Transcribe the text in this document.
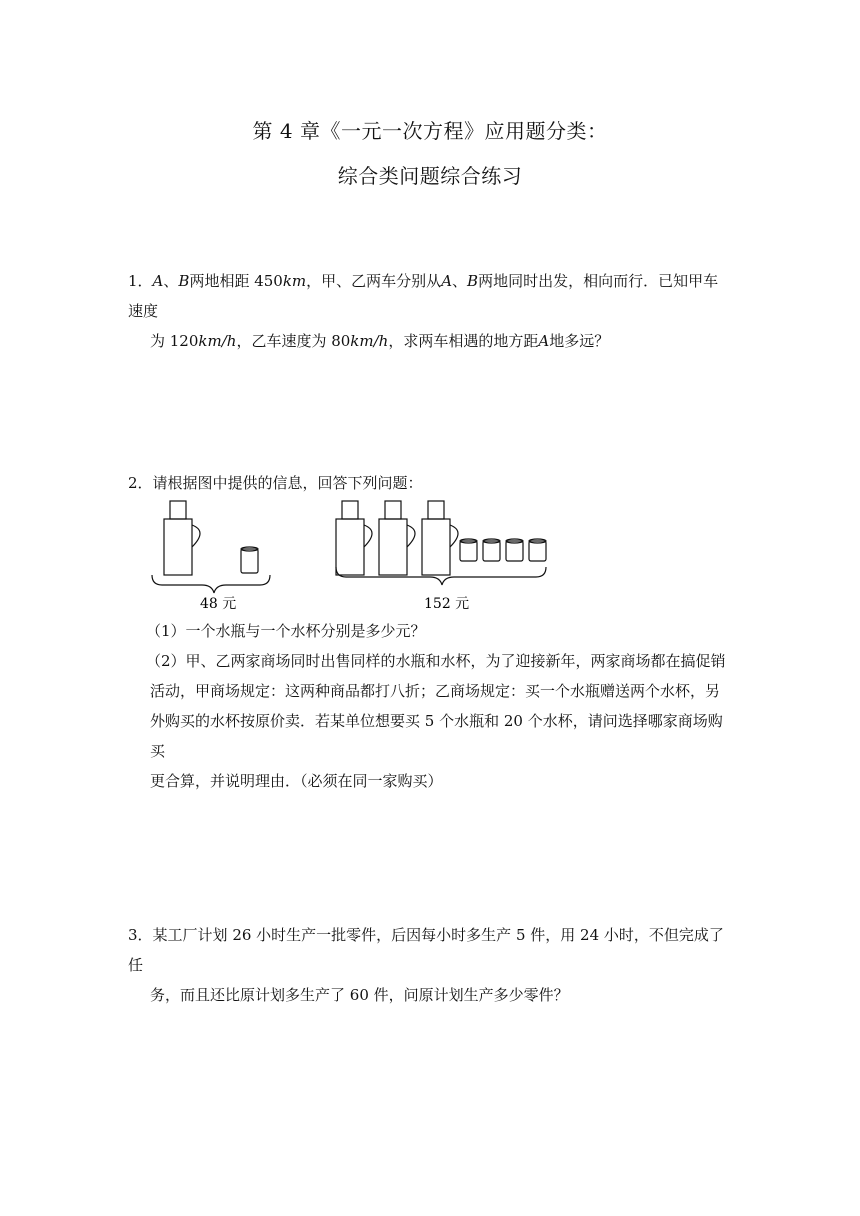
第 4 章《一元一次方程》应用题分类：
综合类问题综合练习
1．A、B两地相距 450km，甲、乙两车分别从A、B两地同时出发，相向而行．已知甲车速度
为 120km/h，乙车速度为 80km/h，求两车相遇的地方距A地多远？
2．请根据图中提供的信息，回答下列问题：
48 元	152 元
（1）一个水瓶与一个水杯分别是多少元？
（2）甲、乙两家商场同时出售同样的水瓶和水杯，为了迎接新年，两家商场都在搞促销
活动，甲商场规定：这两种商品都打八折；乙商场规定：买一个水瓶赠送两个水杯，另
外购买的水杯按原价卖．若某单位想要买 5 个水瓶和 20 个水杯，请问选择哪家商场购买
更合算，并说明理由．（必须在同一家购买）
3．某工厂计划 26 小时生产一批零件，后因每小时多生产 5 件，用 24 小时，不但完成了任
务，而且还比原计划多生产了 60 件，问原计划生产多少零件？
